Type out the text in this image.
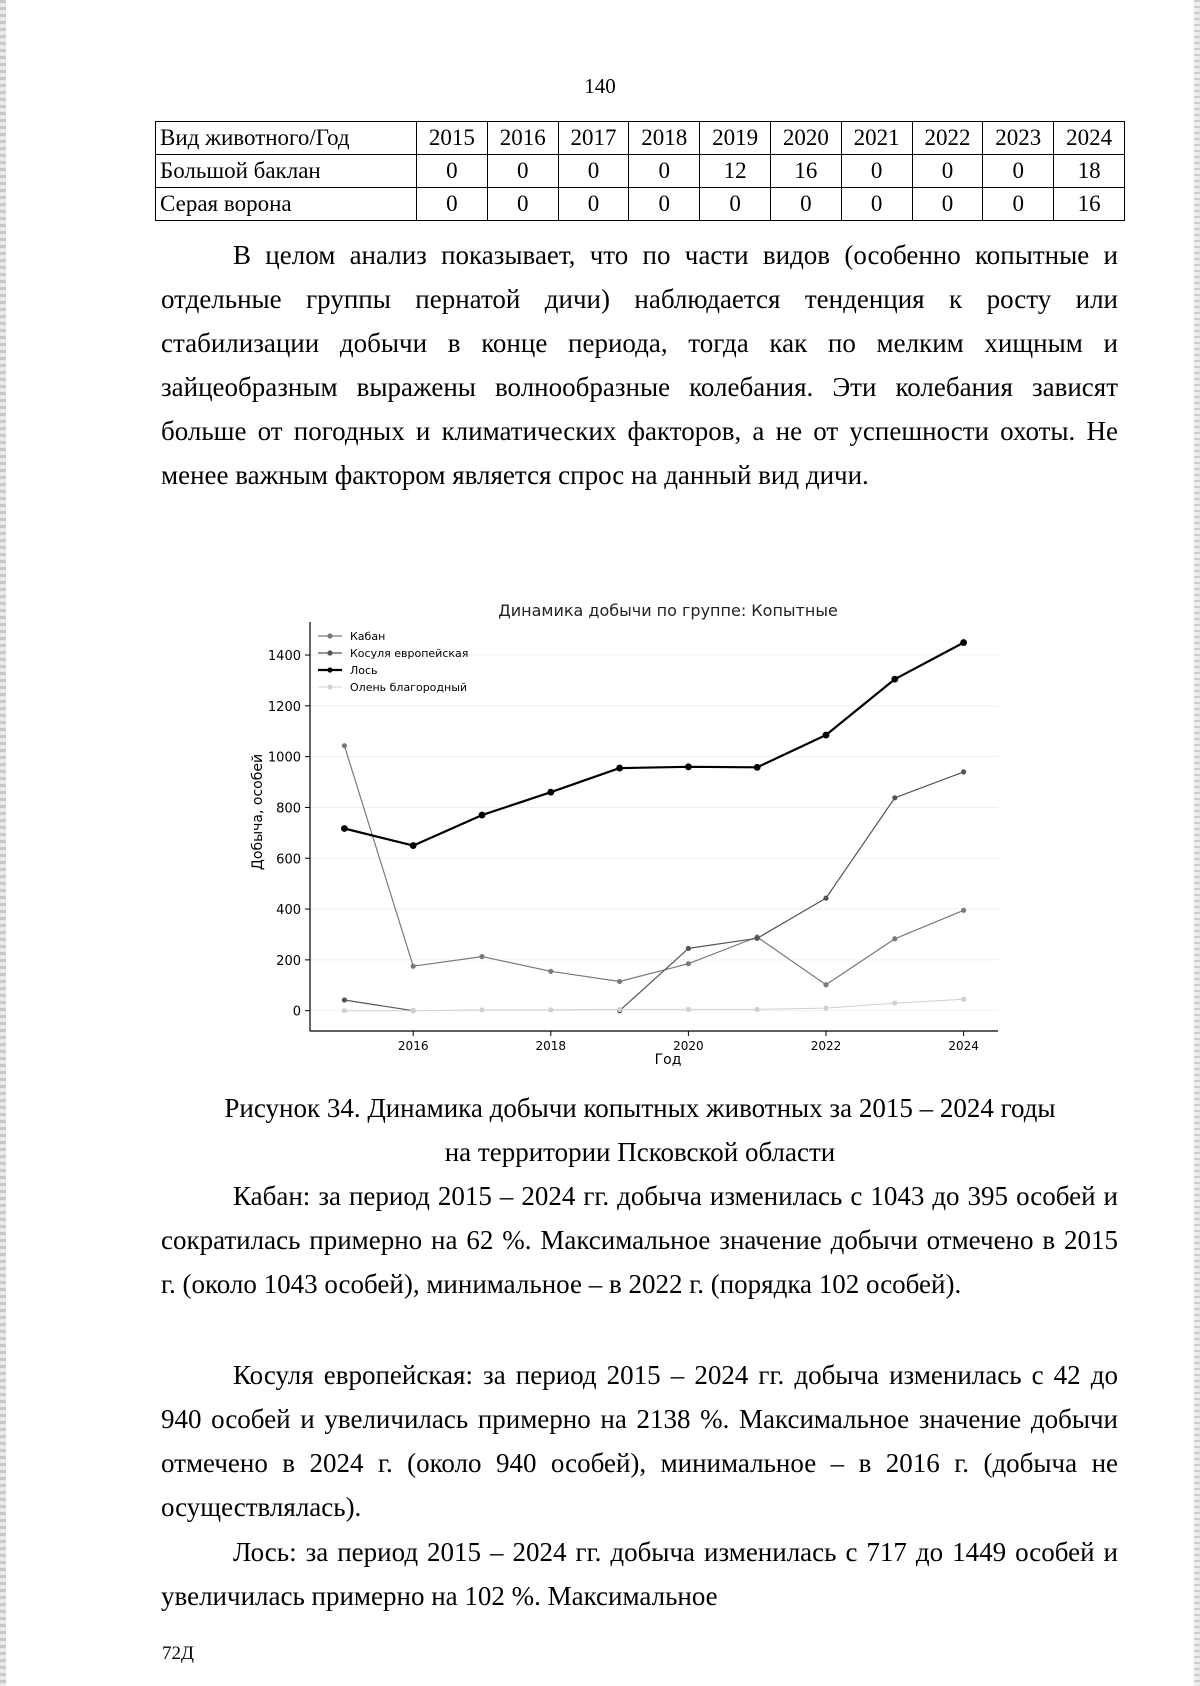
140
Вид животного/Год	2015	2016	2017	2018	2019	2020	2021	2022	2023	2024
Большой баклан	0	0	0	0	12	16	0	0	0	18
Серая ворона	0	0	0	0	0	0	0	0	0	16

В целом анализ показывает, что по части видов (особенно копытные и отдельные группы пернатой дичи) наблюдается тенденция к росту или стабилизации добычи в конце периода, тогда как по мелким хищным и зайцеобразным выражены волнообразные колебания. Эти колебания зависят больше от погодных и климатических факторов, а не от успешности охоты. Не менее важным фактором является спрос на данный вид дичи.

Динамика добычи по группе: Копытные
0
200
400
600
800
1000
1200
1400
2016	2018	2020	2022	2024
Год
Добыча, особей
Кабан
Косуля европейская
Лось
Олень благородный
Рисунок 34. Динамика добычи копытных животных за 2015 – 2024 годы
на территории Псковской области

Кабан: за период 2015 – 2024 гг. добыча изменилась с 1043 до 395 особей и сократилась примерно на 62 %. Максимальное значение добычи отмечено в 2015 г. (около 1043 особей), минимальное – в 2022 г. (порядка 102 особей).

Косуля европейская: за период 2015 – 2024 гг. добыча изменилась с 42 до 940 особей и увеличилась примерно на 2138 %. Максимальное значение добычи отмечено в 2024 г. (около 940 особей), минимальное – в 2016 г. (добыча не осуществлялась).

Лось: за период 2015 – 2024 гг. добыча изменилась с 717 до 1449 особей и увеличилась примерно на 102 %. Максимальное

72Д
